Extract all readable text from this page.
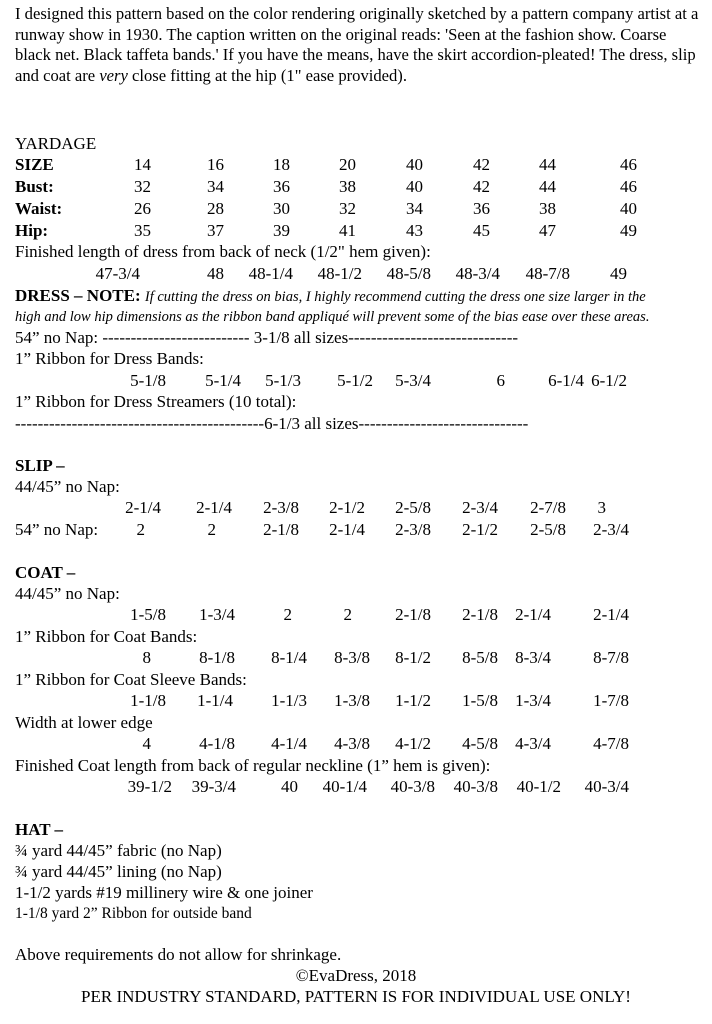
I designed this pattern based on the color rendering originally sketched by a pattern company artist at a runway show in 1930. The caption written on the original reads: 'Seen at the fashion show. Coarse black net. Black taffeta bands.' If you have the means, have the skirt accordion-pleated! The dress, slip and coat are very close fitting at the hip (1" ease provided).
YARDAGE
SIZE	14	16	18	20	40	42	44	46
Bust:	32	34	36	38	40	42	44	46
Waist:	26	28	30	32	34	36	38	40
Hip:	35	37	39	41	43	45	47	49
Finished length of dress from back of neck (1/2" hem given):
47-3/4	48 48-1/4 48-1/2 48-5/8 48-3/4 48-7/8 49
DRESS – NOTE: If cutting the dress on bias, I highly recommend cutting the dress one size larger in the
high and low hip dimensions as the ribbon band appliqué will prevent some of the bias ease over these areas.
54” no Nap: -------------------------- 3-1/8 all sizes------------------------------
1” Ribbon for Dress Bands:
5-1/8 5-1/4 5-1/3 5-1/2 5-3/4	6	6-1/4 6-1/2
1” Ribbon for Dress Streamers (10 total):
--------------------------------------------6-1/3 all sizes------------------------------
SLIP –
44/45” no Nap:
2-1/4 2-1/4 2-3/8 2-1/2 2-5/8 2-3/4 2-7/8 3
54” no Nap: 2	2	2-1/8 2-1/4 2-3/8 2-1/2 2-5/8 2-3/4
COAT –
44/45” no Nap:
1-5/8 1-3/4	2	2	2-1/8 2-1/8 2-1/4 2-1/4
1” Ribbon for Coat Bands:
8	8-1/8 8-1/4 8-3/8 8-1/2 8-5/8 8-3/4 8-7/8
1” Ribbon for Coat Sleeve Bands:
1-1/8 1-1/4 1-1/3 1-3/8 1-1/2 1-5/8 1-3/4 1-7/8
Width at lower edge
4	4-1/8 4-1/4 4-3/8 4-1/2 4-5/8 4-3/4 4-7/8
Finished Coat length from back of regular neckline (1” hem is given):
39-1/2 39-3/4	40 40-1/4 40-3/8 40-3/8 40-1/2 40-3/4
HAT –
¾ yard 44/45” fabric (no Nap)
¾ yard 44/45” lining (no Nap)
1-1/2 yards #19 millinery wire & one joiner
1-1/8 yard 2” Ribbon for outside band
Above requirements do not allow for shrinkage.
©EvaDress, 2018
PER INDUSTRY STANDARD, PATTERN IS FOR INDIVIDUAL USE ONLY!
